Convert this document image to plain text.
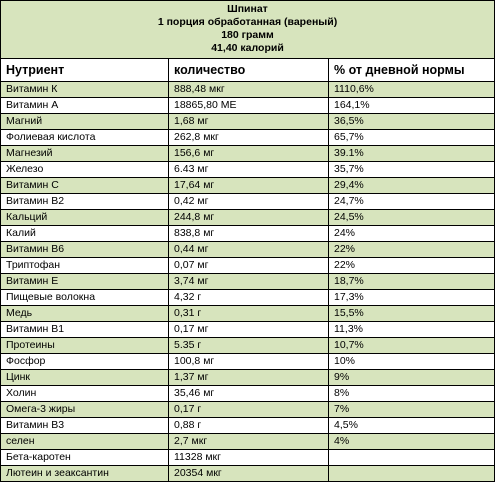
Шпинат
1 порция обработанная (вареный)
180 грамм
41,40 калорий		

Нутриент	количество	% от дневной нормы
Витамин К	888,48 мкг	1110,6%
Витамин А	18865,80 МЕ	164,1%
Магний	1,68 мг	36,5%
Фолиевая кислота	262,8 мкг	65,7%
Магнезий	156,6 мг	39.1%
Железо	6.43 мг	35,7%
Витамин С	17,64 мг	29,4%
Витамин В2	0,42 мг	24,7%
Кальций	244,8 мг	24,5%
Калий	838,8 мг	24%
Витамин В6	0,44 мг	22%
Триптофан	0,07 мг	22%
Витамин Е	3,74 мг	18,7%
Пищевые волокна	4,32 г	17,3%
Медь	0,31 г	15,5%
Витамин В1	0,17 мг	11,3%
Протеины	5.35 г	10,7%
Фосфор	100,8 мг	10%
Цинк	1,37 мг	9%
Холин	35,46 мг	8%
Омега-3 жиры	0,17 г	7%
Витамин В3	0,88 г	4,5%
селен	2,7 мкг	4%
Бета-каротен	11328 мкг	
Лютеин и зеаксантин	20354 мкг	
